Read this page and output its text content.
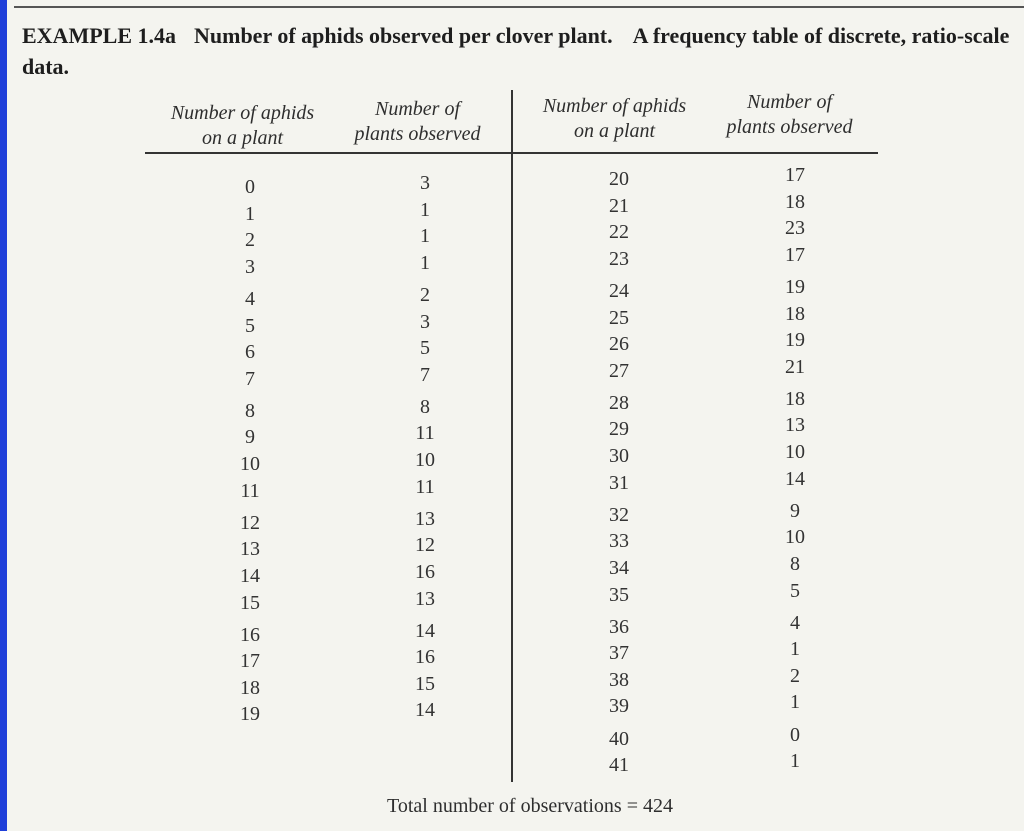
EXAMPLE 1.4a Number of aphids observed per clover plant. A frequency table of discrete, ratio-scale data.
Number of aphids
on a plant
Number of
plants observed
Number of aphids
on a plant
Number of
plants observed
0
1
2
3
4
5
6
7
8
9
10
11
12
13
14
15
16
17
18
19
3
1
1
1
2
3
5
7
8
11
10
11
13
12
16
13
14
16
15
14
20
21
22
23
24
25
26
27
28
29
30
31
32
33
34
35
36
37
38
39
40
41
17
18
23
17
19
18
19
21
18
13
10
14
9
10
8
5
4
1
2
1
0
1
Total number of observations = 424
